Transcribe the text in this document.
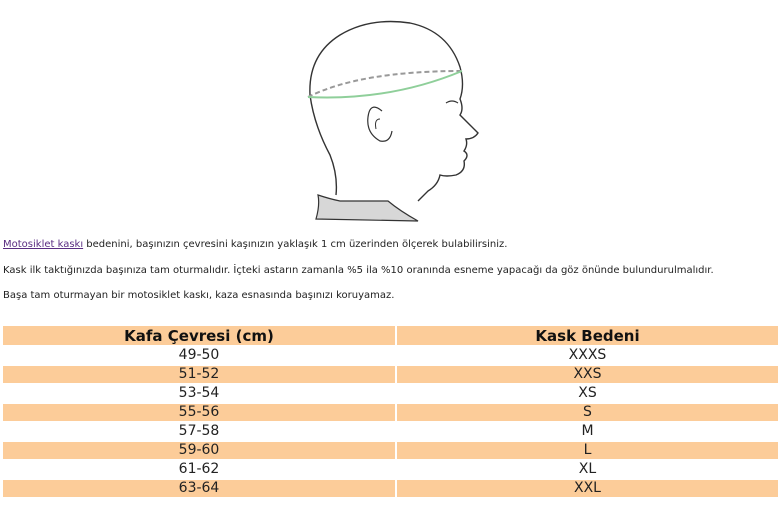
Motosiklet kaskı bedenini, başınızın çevresini kaşınızın yaklaşık 1 cm üzerinden ölçerek bulabilirsiniz.
Kask ilk taktığınızda başınıza tam oturmalıdır. İçteki astarın zamanla %5 ila %10 oranında esneme yapacağı da göz önünde bulundurulmalıdır.
Başa tam oturmayan bir motosiklet kaskı, kaza esnasında başınızı koruyamaz.
Kafa Çevresi (cm)	Kask Bedeni
49-50	XXXS
51-52	XXS
53-54	XS
55-56	S
57-58	M
59-60	L
61-62	XL
63-64	XXL
